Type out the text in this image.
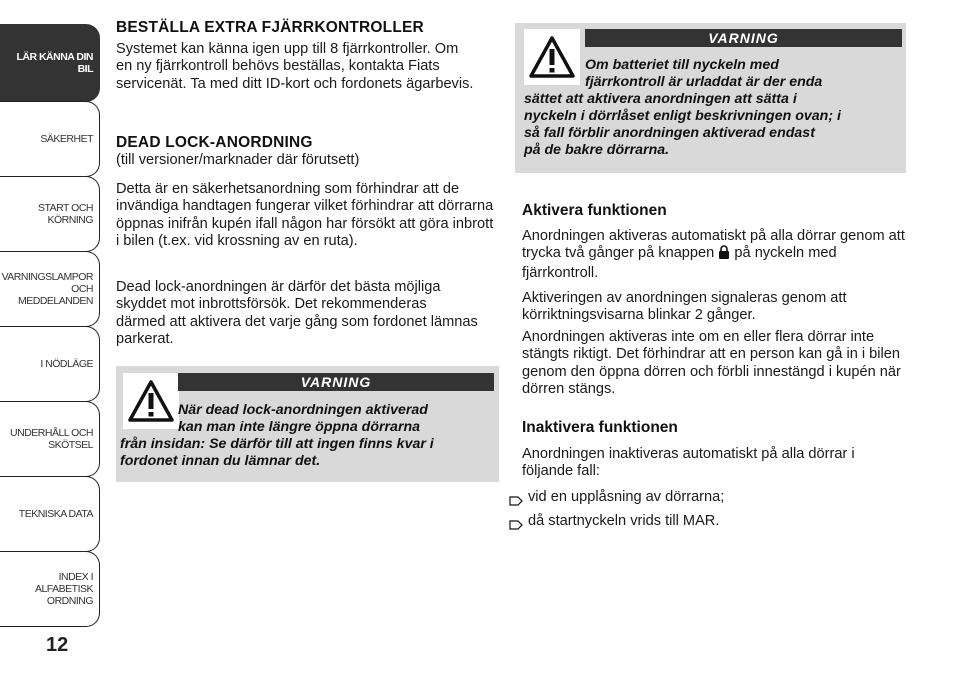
LÄR KÄNNA DIN
BIL
SÄKERHET
START OCH
KÖRNING
VARNINGSLAMPOR
OCH
MEDDELANDEN
I NÖDLÄGE
UNDERHÅLL OCH
SKÖTSEL
TEKNISKA DATA
INDEX I ALFABETISK
ORDNING
12
BESTÄLLA EXTRA FJÄRRKONTROLLER

Systemet kan känna igen upp till 8 fjärrkontroller. Om en ny fjärrkontroll behövs beställas, kontakta Fiats servicenät. Ta med ditt ID-kort och fordonets ägarbevis.

DEAD LOCK-ANORDNING

(till versioner/marknader där förutsett)

Detta är en säkerhetsanordning som förhindrar att de invändiga handtagen fungerar vilket förhindrar att dörrarna öppnas inifrån kupén ifall någon har försökt att göra inbrott i bilen (t.ex. vid krossning av en ruta).

Dead lock-anordningen är därför det bästa möjliga skyddet mot inbrottsförsök. Det rekommenderas därmed att aktivera det varje gång som fordonet lämnas parkerat.

VARNING
När dead lock-anordningen aktiverad
kan man inte längre öppna dörrarna
från insidan: Se därför till att ingen finns kvar i
fordonet innan du lämnar det.
VARNING
Om batteriet till nyckeln med
fjärrkontroll är urladdat är der enda
sättet att aktivera anordningen att sätta i
nyckeln i dörrlåset enligt beskrivningen ovan; i
så fall förblir anordningen aktiverad endast
på de bakre dörrarna.
Aktivera funktionen

Anordningen aktiveras automatiskt på alla dörrar genom att trycka två gånger på knappen på nyckeln med fjärrkontroll.

Aktiveringen av anordningen signaleras genom att körriktningsvisarna blinkar 2 gånger.

Anordningen aktiveras inte om en eller flera dörrar inte stängts riktigt. Det förhindrar att en person kan gå in i bilen genom den öppna dörren och förbli innestängd i kupén när dörren stängs.

Inaktivera funktionen

Anordningen inaktiveras automatiskt på alla dörrar i följande fall:

vid en upplåsning av dörrarna;

då startnyckeln vrids till MAR.
